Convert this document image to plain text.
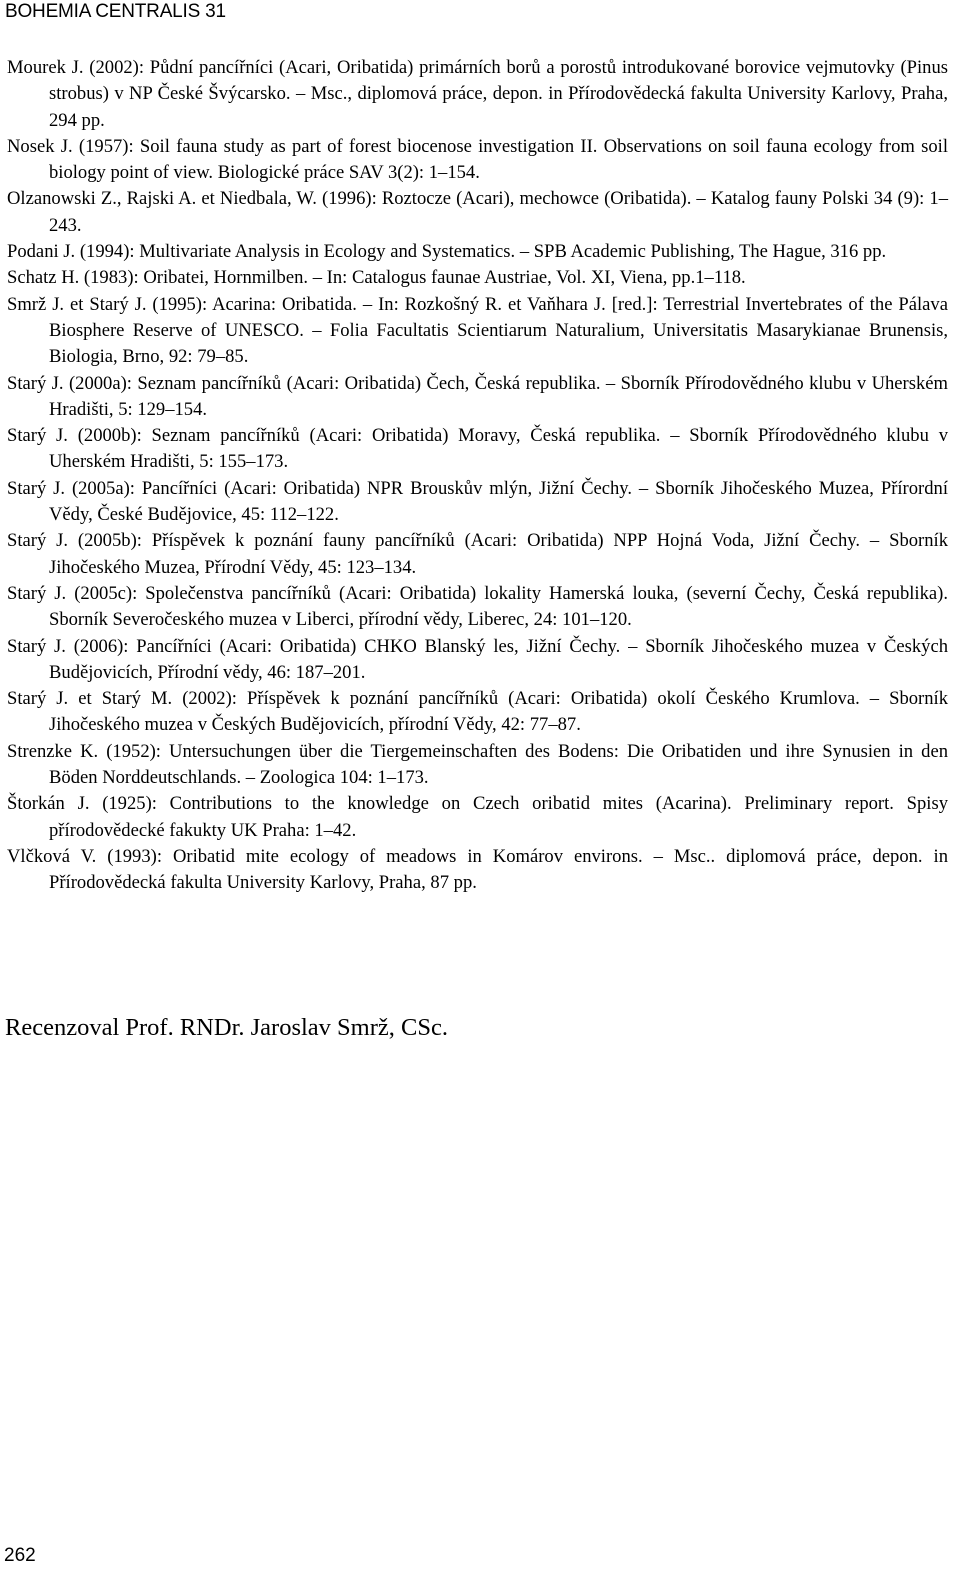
BOHEMIA CENTRALIS 31
Mourek J. (2002): Půdní pancířníci (Acari, Oribatida) primárních borů a porostů introdukované borovice vejmutovky (Pinus strobus) v NP České Švýcarsko. – Msc., diplomová práce, depon. in Přírodovědecká fakulta University Karlovy, Praha, 294 pp.
Nosek J. (1957): Soil fauna study as part of forest biocenose investigation II. Observations on soil fauna ecology from soil biology point of view. Biologické práce SAV 3(2): 1–154.
Olzanowski Z., Rajski A. et Niedbala, W. (1996): Roztocze (Acari), mechowce (Oribatida). – Katalog fauny Polski 34 (9): 1–243.
Podani J. (1994): Multivariate Analysis in Ecology and Systematics. – SPB Academic Publishing, The Hague, 316 pp.
Schatz H. (1983): Oribatei, Hornmilben. – In: Catalogus faunae Austriae, Vol. XI, Viena, pp.1–118.
Smrž J. et Starý J. (1995): Acarina: Oribatida. – In: Rozkošný R. et Vaňhara J. [red.]: Terrestrial Invertebrates of the Pálava Biosphere Reserve of UNESCO. – Folia Facultatis Scientiarum Naturalium, Universitatis Masarykianae Brunensis, Biologia, Brno, 92: 79–85.
Starý J. (2000a): Seznam pancířníků (Acari: Oribatida) Čech, Česká republika. – Sborník Přírodovědného klubu v Uherském Hradišti, 5: 129–154.
Starý J. (2000b): Seznam pancířníků (Acari: Oribatida) Moravy, Česká republika. – Sborník Přírodovědného klubu v Uherském Hradišti, 5: 155–173.
Starý J. (2005a): Pancířníci (Acari: Oribatida) NPR Brouskův mlýn, Jižní Čechy. – Sborník Jihočeského Muzea, Přírordní Vědy, České Budějovice, 45: 112–122.
Starý J. (2005b): Příspěvek k poznání fauny pancířníků (Acari: Oribatida) NPP Hojná Voda, Jižní Čechy. – Sborník Jihočeského Muzea, Přírodní Vědy, 45: 123–134.
Starý J. (2005c): Společenstva pancířníků (Acari: Oribatida) lokality Hamerská louka, (severní Čechy, Česká republika). Sborník Severočeského muzea v Liberci, přírodní vědy, Liberec, 24: 101–120.
Starý J. (2006): Pancířníci (Acari: Oribatida) CHKO Blanský les, Jižní Čechy. – Sborník Jihočeského muzea v Českých Budějovicích, Přírodní vědy, 46: 187–201.
Starý J. et Starý M. (2002): Příspěvek k poznání pancířníků (Acari: Oribatida) okolí Českého Krumlova. – Sborník Jihočeského muzea v Českých Budějovicích, přírodní Vědy, 42: 77–87.
Strenzke K. (1952): Untersuchungen über die Tiergemeinschaften des Bodens: Die Oribatiden und ihre Synusien in den Böden Norddeutschlands. – Zoologica 104: 1–173.
Štorkán J. (1925): Contributions to the knowledge on Czech oribatid mites (Acarina). Preliminary report. Spisy přírodovědecké fakukty UK Praha: 1–42.
Vlčková V. (1993): Oribatid mite ecology of meadows in Komárov environs. – Msc.. diplomová práce, depon. in Přírodovědecká fakulta University Karlovy, Praha, 87 pp.
Recenzoval Prof. RNDr. Jaroslav Smrž, CSc.
262
